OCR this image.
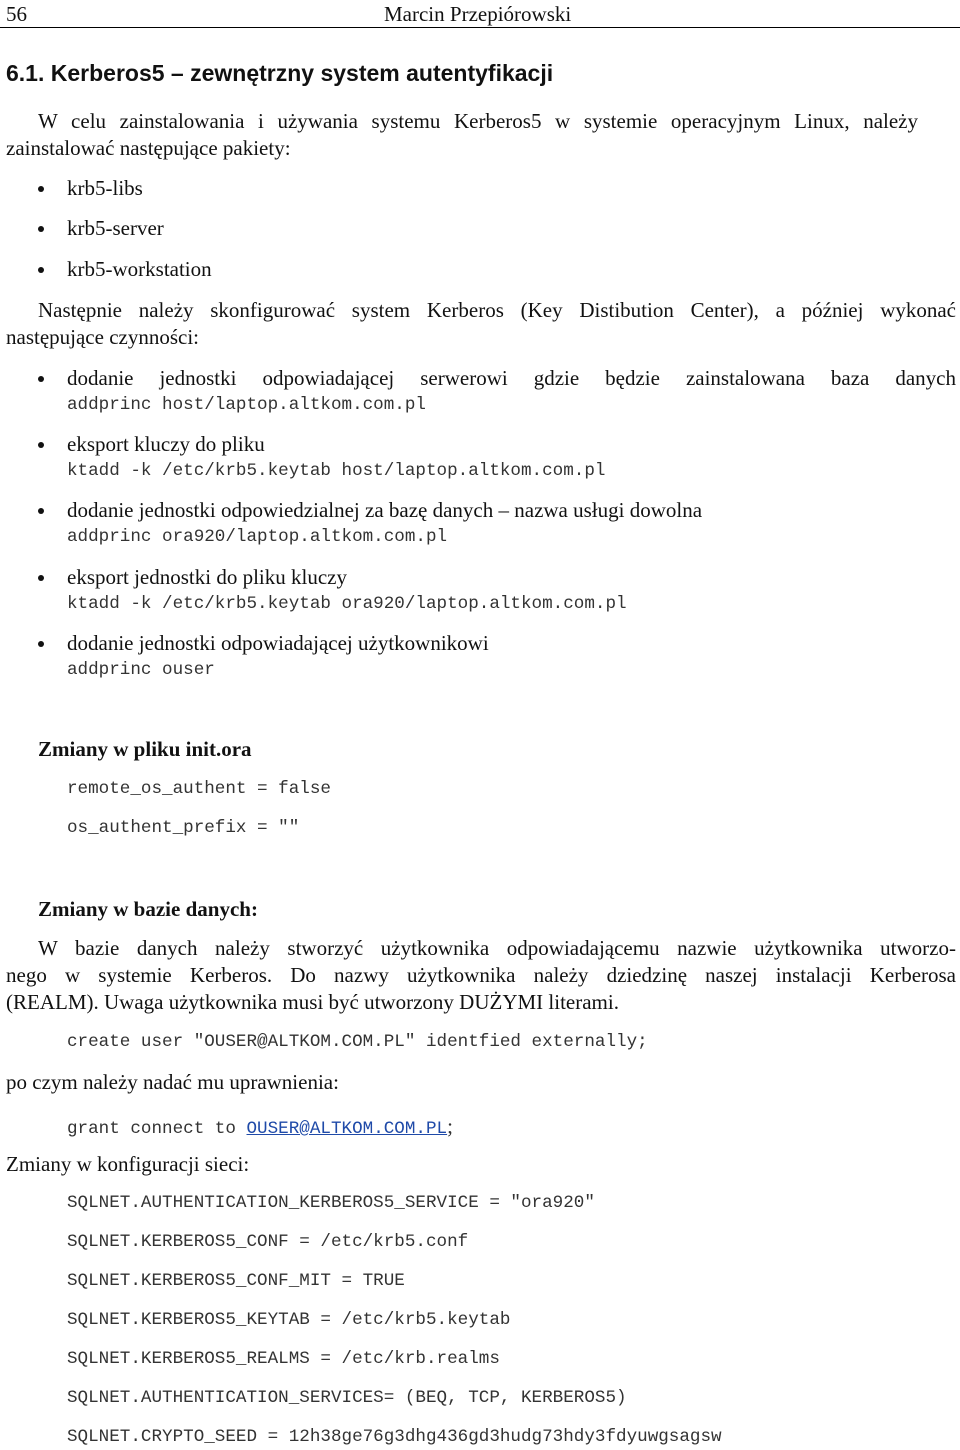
56	Marcin Przepiórowski
6.1. Kerberos5 – zewnętrzny system autentyfikacji
W celu zainstalowania i używania systemu Kerberos5 w systemie operacyjnym Linux, należy
zainstalować następujące pakiety:
krb5-libs
krb5-server
krb5-workstation
Następnie należy skonfigurować system Kerberos (Key Distibution Center), a później wykonać
następujące czynności:
dodanie jednostki odpowiadającej serwerowi gdzie będzie zainstalowana baza danych
addprinc host/laptop.altkom.com.pl
eksport kluczy do pliku
ktadd -k /etc/krb5.keytab host/laptop.altkom.com.pl
dodanie jednostki odpowiedzialnej za bazę danych – nazwa usługi dowolna
addprinc ora920/laptop.altkom.com.pl
eksport jednostki do pliku kluczy
ktadd -k /etc/krb5.keytab ora920/laptop.altkom.com.pl
dodanie jednostki odpowiadającej użytkownikowi
addprinc ouser
Zmiany w pliku init.ora
remote_os_authent = false
os_authent_prefix = ""
Zmiany w bazie danych:
W bazie danych należy stworzyć użytkownika odpowiadającemu nazwie użytkownika utworzo-
nego w systemie Kerberos. Do nazwy użytkownika należy dziedzinę naszej instalacji Kerberosa
(REALM). Uwaga użytkownika musi być utworzony DUŻYMI literami.
create user "OUSER@ALTKOM.COM.PL" identfied externally;
po czym należy nadać mu uprawnienia:
grant connect to OUSER@ALTKOM.COM.PL;
Zmiany w konfiguracji sieci:
SQLNET.AUTHENTICATION_KERBEROS5_SERVICE = "ora920"
SQLNET.KERBEROS5_CONF = /etc/krb5.conf
SQLNET.KERBEROS5_CONF_MIT = TRUE
SQLNET.KERBEROS5_KEYTAB = /etc/krb5.keytab
SQLNET.KERBEROS5_REALMS = /etc/krb.realms
SQLNET.AUTHENTICATION_SERVICES= (BEQ, TCP, KERBEROS5)
SQLNET.CRYPTO_SEED = 12h38ge76g3dhg436gd3hudg73hdy3fdyuwgsagsw
